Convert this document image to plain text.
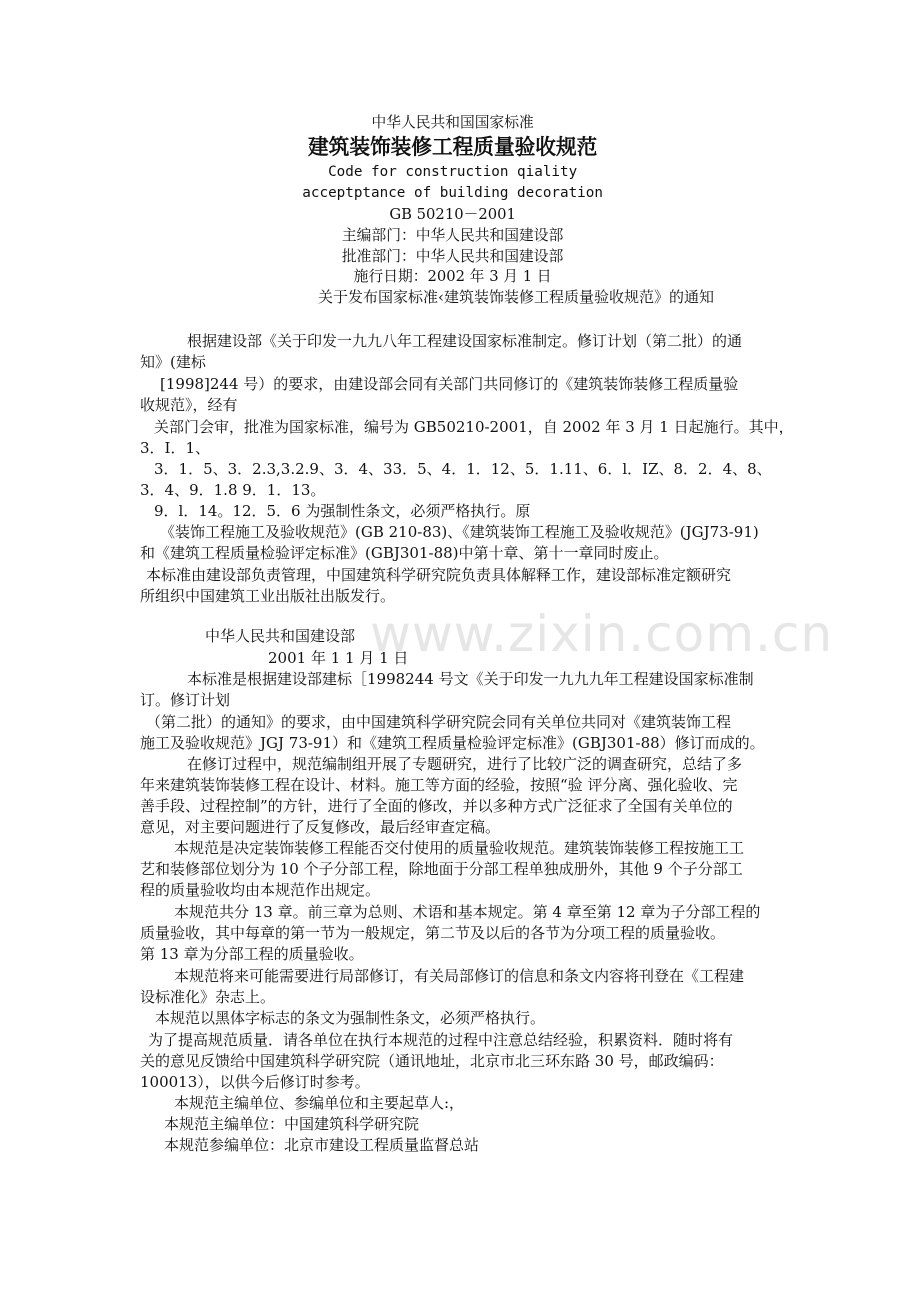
www.zixin.com.cn
中华人民共和国国家标准
建筑装饰装修工程质量验收规范
Code for construction qiality
acceptptance of building decoration
GB 50210－2001
主编部门：中华人民共和国建设部
批准部门：中华人民共和国建设部
施行日期：2002 年 3 月 1 日
关于发布国家标准‹建筑装饰装修工程质量验收规范》的通知
根据建设部《关于印发一九九八年工程建设国家标准制定。修订计划（第二批）的通
知》(建标
[1998]244 号）的要求，由建设部会同有关部门共同修订的《建筑装饰装修工程质量验
收规范》，经有
关部门会审，批准为国家标准，编号为 GB50210-2001，自 2002 年 3 月 1 日起施行。其中，
3．I．1、
3．1．5、3．2.3,3.2.9、3．4、33．5、4．1．12、5．1.11、6．l．IZ、8．2．4、8、
3．4、9．1.8 9．1．13。
9．l．14。12．5．6 为强制性条文，必须严格执行。原
《装饰工程施工及验收规范》(GB 210-83)、《建筑装饰工程施工及验收规范》(JGJ73-91)
和《建筑工程质量检验评定标准》(GBJ301-88)中第十章、第十一章同时废止。
本标准由建设部负责管理，中国建筑科学研究院负责具体解释工作，建设部标准定额研究
所组织中国建筑工业出版社出版发行。
中华人民共和国建设部
2001 年 1 1 月 1 日
本标准是根据建设部建标［1998244 号文《关于印发一九九九年工程建设国家标准制
订。修订计划
（第二批）的通知》的要求，由中国建筑科学研究院会同有关单位共同对《建筑装饰工程
施工及验收规范》JGJ 73-91）和《建筑工程质量检验评定标准》(GBJ301-88）修订而成的。
在修订过程中，规范编制组开展了专题研究，进行了比较广泛的调查研究，总结了多
年来建筑装饰装修工程在设计、材料。施工等方面的经验，按照“验 评分离、强化验收、完
善手段、过程控制”的方针，进行了全面的修改，并以多种方式广泛征求了全国有关单位的
意见，对主要问题进行了反复修改，最后经审查定稿。
本规范是决定装饰装修工程能否交付使用的质量验收规范。建筑装饰装修工程按施工工
艺和装修部位划分为 10 个子分部工程，除地面于分部工程单独成册外，其他 9 个子分部工
程的质量验收均由本规范作出规定。
本规范共分 13 章。前三章为总则、术语和基本规定。第 4 章至第 12 章为子分部工程的
质量验收，其中每章的第一节为一般规定，第二节及以后的各节为分项工程的质量验收。
第 13 章为分部工程的质量验收。
本规范将来可能需要进行局部修订，有关局部修订的信息和条文内容将刊登在《工程建
设标准化》杂志上。
本规范以黑体字标志的条文为强制性条文，必须严格执行。
为了提高规范质量．请各单位在执行本规范的过程中注意总结经验，积累资料．随时将有
关的意见反馈给中国建筑科学研究院（通讯地址，北京市北三环东路 30 号，邮政编码：
100013），以供今后修订时参考。
本规范主编单位、参编单位和主要起草人:，
本规范主编单位：中国建筑科学研究院
本规范参编单位：北京市建设工程质量监督总站
